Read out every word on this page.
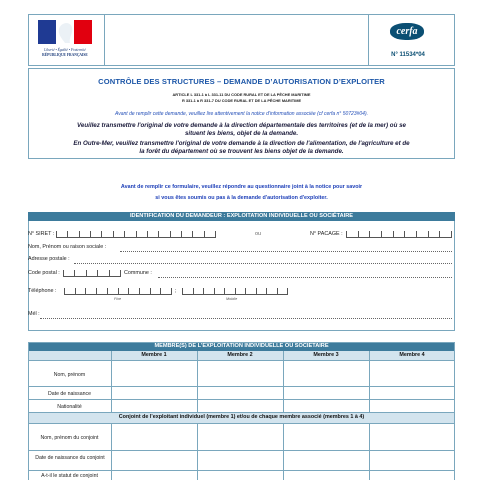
Liberté • Égalité • Fraternité
RÉPUBLIQUE FRANÇAISE
cerfa
N° 11534*04
CONTRÔLE DES STRUCTURES – DEMANDE D’AUTORISATION D’EXPLOITER
ARTICLE L 331-1 à L 331-11 DU CODE RURAL ET DE LA PÊCHE MARITIME
R 331-1 à R 331-7 DU CODE RURAL ET DE LA PÊCHE MARITIME
Avant de remplir cette demande, veuillez lire attentivement la notice d'information associée (cf cerfa n° 50723#04).
Veuillez transmettre l'original de votre demande à la direction départementale des territoires (et de la mer) où se
situent les biens, objet de la demande.
En Outre-Mer, veuillez transmettre l'original de votre demande à la direction de l'alimentation, de l'agriculture et de
la forêt du département où se trouvent les biens objet de la demande.
Avant de remplir ce formulaire, veuillez répondre au questionnaire joint à la notice pour savoir
si vous êtes soumis ou pas à la demande d'autorisation d'exploiter.
IDENTIFICATION DU DEMANDEUR : EXPLOITATION INDIVIDUELLE OU SOCIÉTAIRE
N° SIRET :	ou	N° PACAGE :
Nom, Prénom ou raison sociale :
Adresse postale :
Code postal :	Commune :
Téléphone :	;
Fixe	Mobile
Mél :
MEMBRE(S) DE L'EXPLOITATION INDIVIDUELLE OU SOCIÉTAIRE
Membre 1	Membre 2	Membre 3	Membre 4
Nom, prénom
Date de naissance
Nationalité
Conjoint de l'exploitant individuel (membre 1) et/ou de chaque membre associé (membres 1 à 4)
Nom, prénom du conjoint
Date de naissance du conjoint
A-t-il le statut de conjoint
